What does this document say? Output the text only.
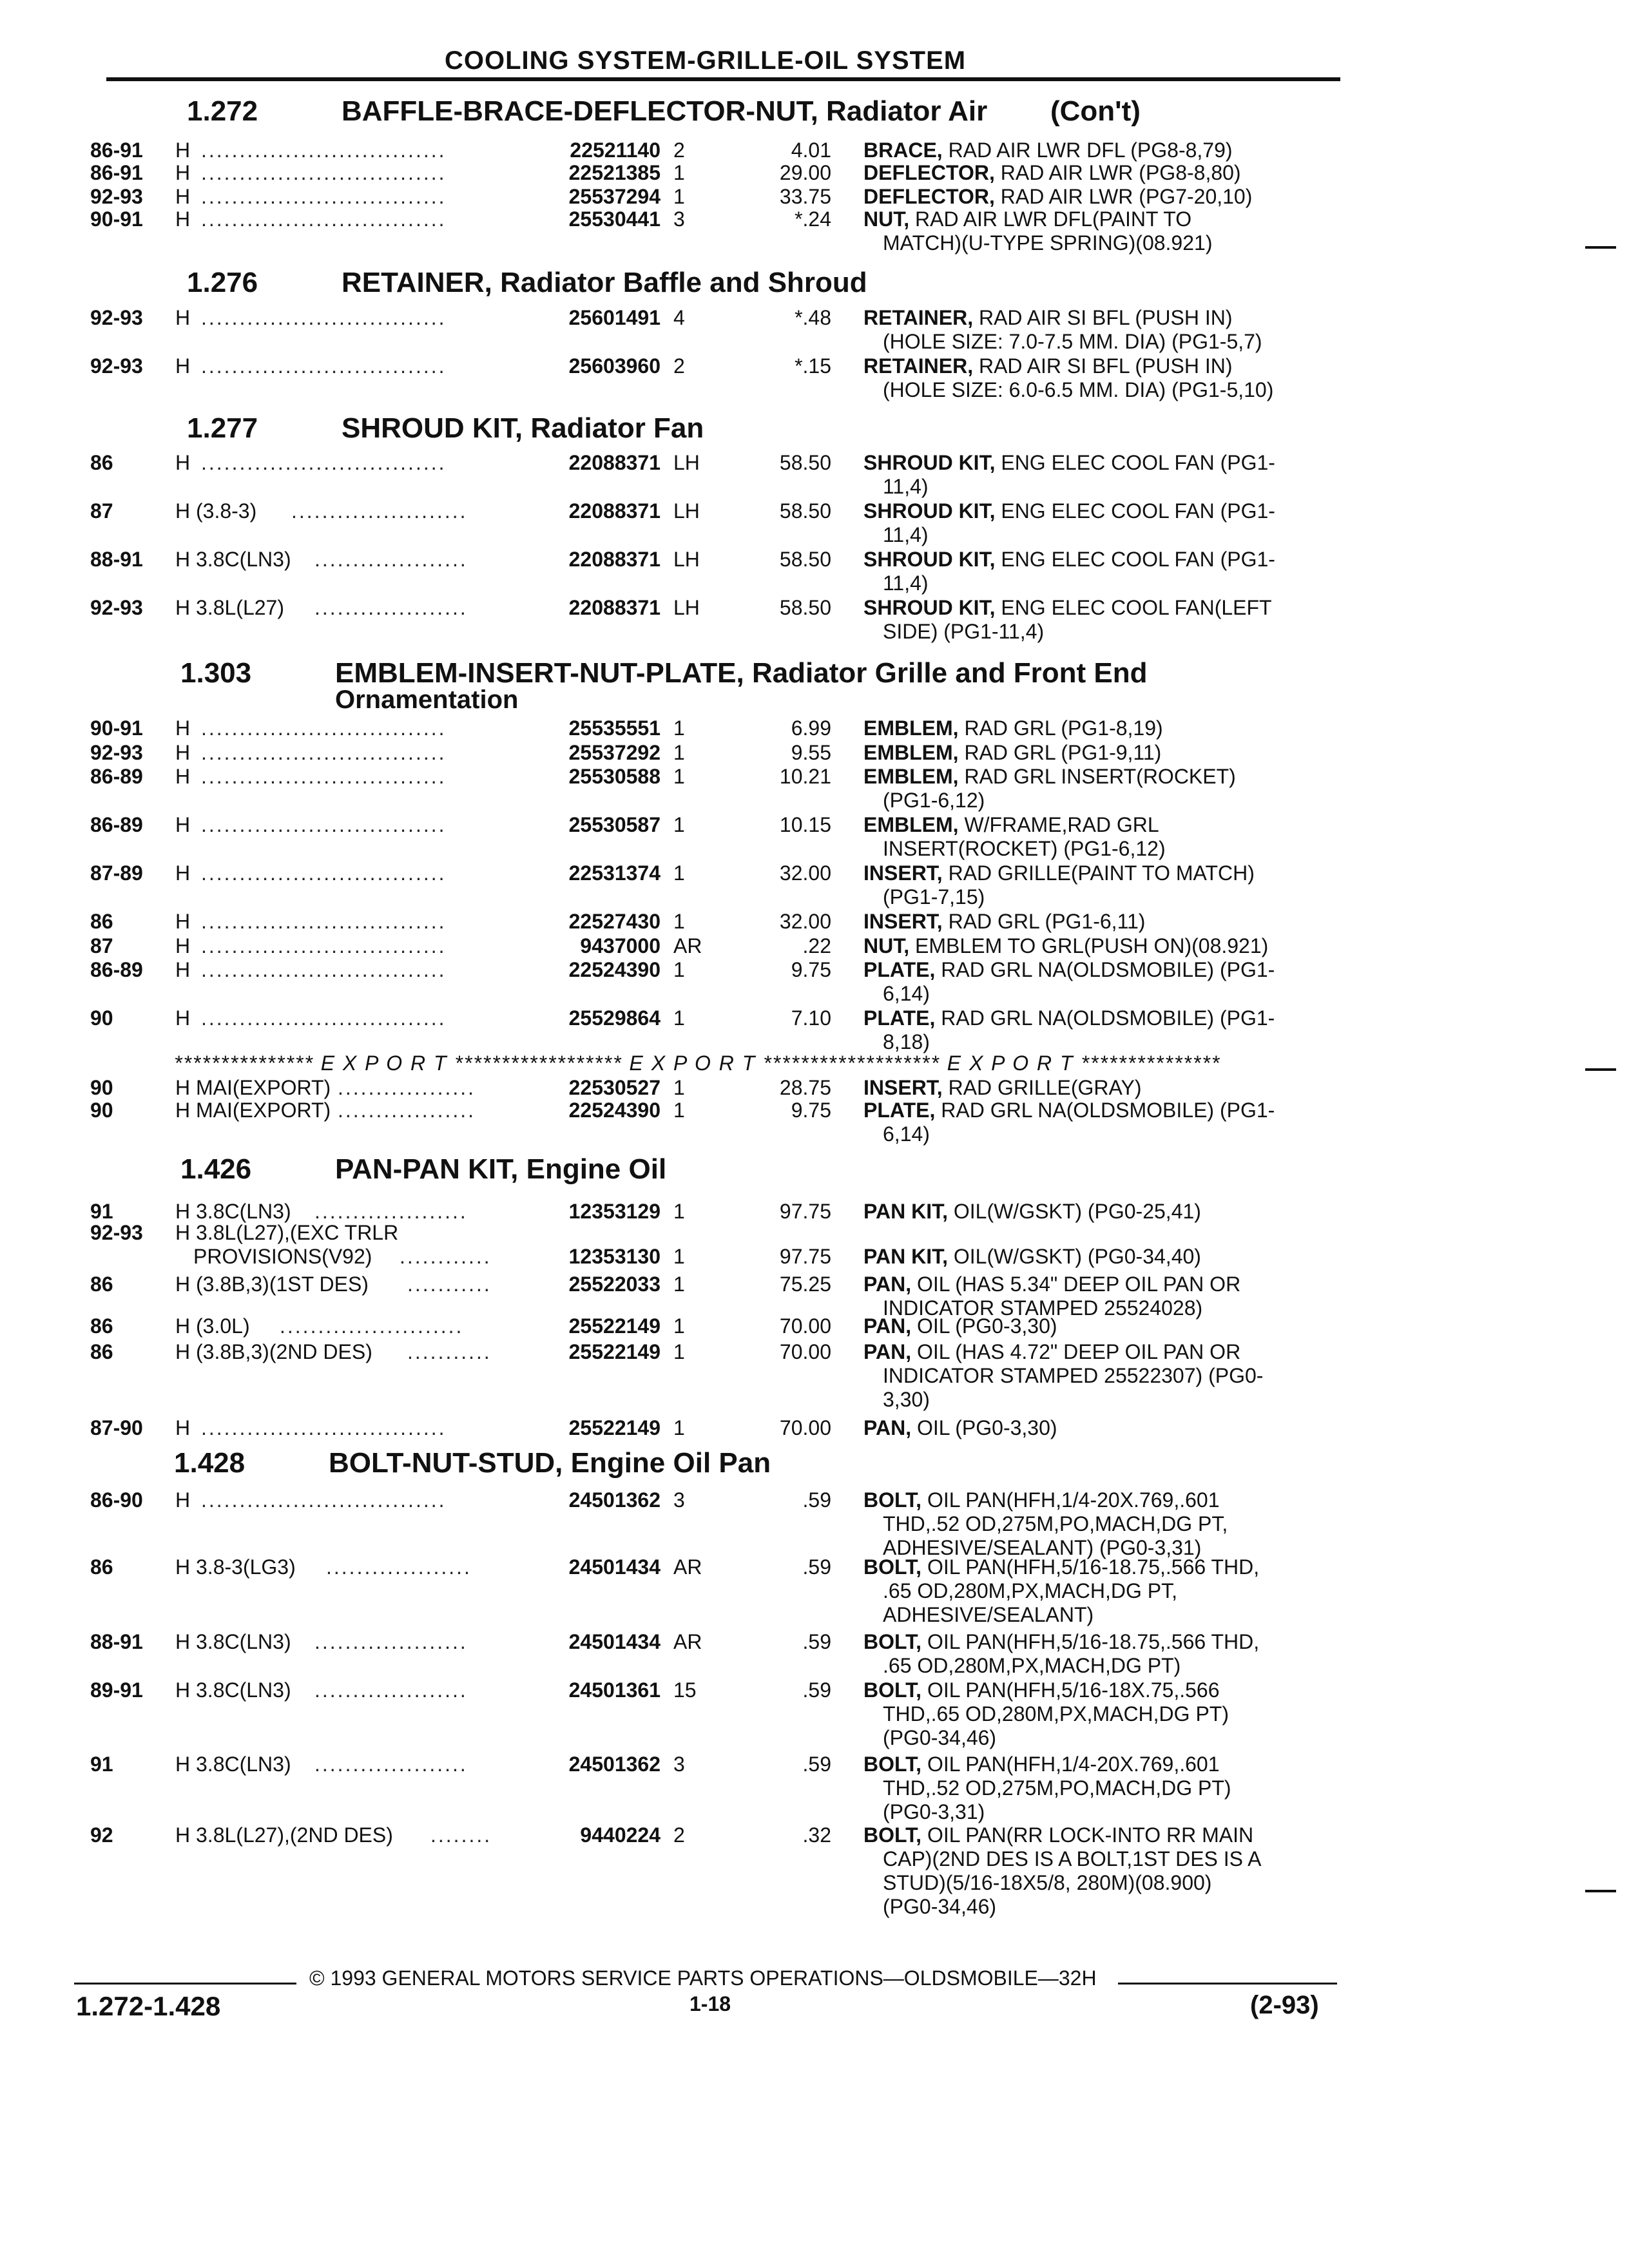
COOLING SYSTEM-GRILLE-OIL SYSTEM
1.272	BAFFLE-BRACE-DEFLECTOR-NUT, Radiator Air (Con't)
86-91 H ................................	22521140 2	4.01 BRACE, RAD AIR LWR DFL (PG8-8,79)
86-91 H ................................	22521385 1	29.00 DEFLECTOR, RAD AIR LWR (PG8-8,80)
92-93 H ................................	25537294 1	33.75 DEFLECTOR, RAD AIR LWR (PG7-20,10)
90-91 H ................................	25530441 3	*.24 NUT, RAD AIR LWR DFL(PAINT TO
MATCH)(U-TYPE SPRING)(08.921)
1.276	RETAINER, Radiator Baffle and Shroud
92-93 H ................................	25601491 4	*.48 RETAINER, RAD AIR SI BFL (PUSH IN)
(HOLE SIZE: 7.0-7.5 MM. DIA) (PG1-5,7)
92-93 H ................................	25603960 2	*.15 RETAINER, RAD AIR SI BFL (PUSH IN)
(HOLE SIZE: 6.0-6.5 MM. DIA) (PG1-5,10)
1.277	SHROUD KIT, Radiator Fan
86	H ................................	22088371 LH	58.50 SHROUD KIT, ENG ELEC COOL FAN (PG1-
11,4)
87	H (3.8-3) .......................	22088371 LH	58.50 SHROUD KIT, ENG ELEC COOL FAN (PG1-
11,4)
88-91 H 3.8C(LN3) ....................	22088371 LH	58.50 SHROUD KIT, ENG ELEC COOL FAN (PG1-
11,4)
92-93 H 3.8L(L27) ....................	22088371 LH	58.50 SHROUD KIT, ENG ELEC COOL FAN(LEFT
SIDE) (PG1-11,4)
1.303	EMBLEM-INSERT-NUT-PLATE, Radiator Grille and Front End
Ornamentation
90-91 H ................................	25535551 1	6.99 EMBLEM, RAD GRL (PG1-8,19)
92-93 H ................................	25537292 1	9.55 EMBLEM, RAD GRL (PG1-9,11)
86-89 H ................................	25530588 1	10.21 EMBLEM, RAD GRL INSERT(ROCKET)
(PG1-6,12)
86-89 H ................................	25530587 1	10.15 EMBLEM, W/FRAME,RAD GRL
INSERT(ROCKET) (PG1-6,12)
87-89 H ................................	22531374 1	32.00 INSERT, RAD GRILLE(PAINT TO MATCH)
(PG1-7,15)
86	H ................................	22527430 1	32.00 INSERT, RAD GRL (PG1-6,11)
87	H ................................	9437000 AR	.22 NUT, EMBLEM TO GRL(PUSH ON)(08.921)
86-89 H ................................	22524390 1	9.75 PLATE, RAD GRL NA(OLDSMOBILE) (PG1-
6,14)
90	H ................................	25529864 1	7.10 PLATE, RAD GRL NA(OLDSMOBILE) (PG1-
8,18)
*************** E X P O R T ****************** E X P O R T ******************* E X P O R T ***************
90	H MAI(EXPORT) ..................	22530527 1	28.75 INSERT, RAD GRILLE(GRAY)
90	H MAI(EXPORT) ..................	22524390 1	9.75 PLATE, RAD GRL NA(OLDSMOBILE) (PG1-
6,14)
1.426	PAN-PAN KIT, Engine Oil
91	H 3.8C(LN3) ....................	12353129 1	97.75 PAN KIT, OIL(W/GSKT) (PG0-25,41)
92-93 H 3.8L(L27),(EXC TRLR
PROVISIONS(V92) ............	12353130 1	97.75 PAN KIT, OIL(W/GSKT) (PG0-34,40)
86	H (3.8B,3)(1ST DES) ...........	25522033 1	75.25 PAN, OIL (HAS 5.34" DEEP OIL PAN OR
INDICATOR STAMPED 25524028)
86	H (3.0L) ........................	25522149 1	70.00 PAN, OIL (PG0-3,30)
86	H (3.8B,3)(2ND DES) ...........	25522149 1	70.00 PAN, OIL (HAS 4.72" DEEP OIL PAN OR
INDICATOR STAMPED 25522307) (PG0-
3,30)
87-90 H ................................	25522149 1	70.00 PAN, OIL (PG0-3,30)
1.428	BOLT-NUT-STUD, Engine Oil Pan
86-90 H ................................	24501362 3	.59 BOLT, OIL PAN(HFH,1/4-20X.769,.601
THD,.52 OD,275M,PO,MACH,DG PT,
ADHESIVE/SEALANT) (PG0-3,31)
86	H 3.8-3(LG3) ...................	24501434 AR	.59 BOLT, OIL PAN(HFH,5/16-18.75,.566 THD,
.65 OD,280M,PX,MACH,DG PT,
ADHESIVE/SEALANT)
88-91 H 3.8C(LN3) ....................	24501434 AR	.59 BOLT, OIL PAN(HFH,5/16-18.75,.566 THD,
.65 OD,280M,PX,MACH,DG PT)
89-91 H 3.8C(LN3) ....................	24501361 15	.59 BOLT, OIL PAN(HFH,5/16-18X.75,.566
THD,.65 OD,280M,PX,MACH,DG PT)
(PG0-34,46)
91	H 3.8C(LN3) ....................	24501362 3	.59 BOLT, OIL PAN(HFH,1/4-20X.769,.601
THD,.52 OD,275M,PO,MACH,DG PT)
(PG0-3,31)
92	H 3.8L(L27),(2ND DES) ........	9440224 2	.32 BOLT, OIL PAN(RR LOCK-INTO RR MAIN
CAP)(2ND DES IS A BOLT,1ST DES IS A
STUD)(5/16-18X5/8, 280M)(08.900)
(PG0-34,46)
© 1993 GENERAL MOTORS SERVICE PARTS OPERATIONS—OLDSMOBILE—32H
1.272-1.428	1-18	(2-93)
